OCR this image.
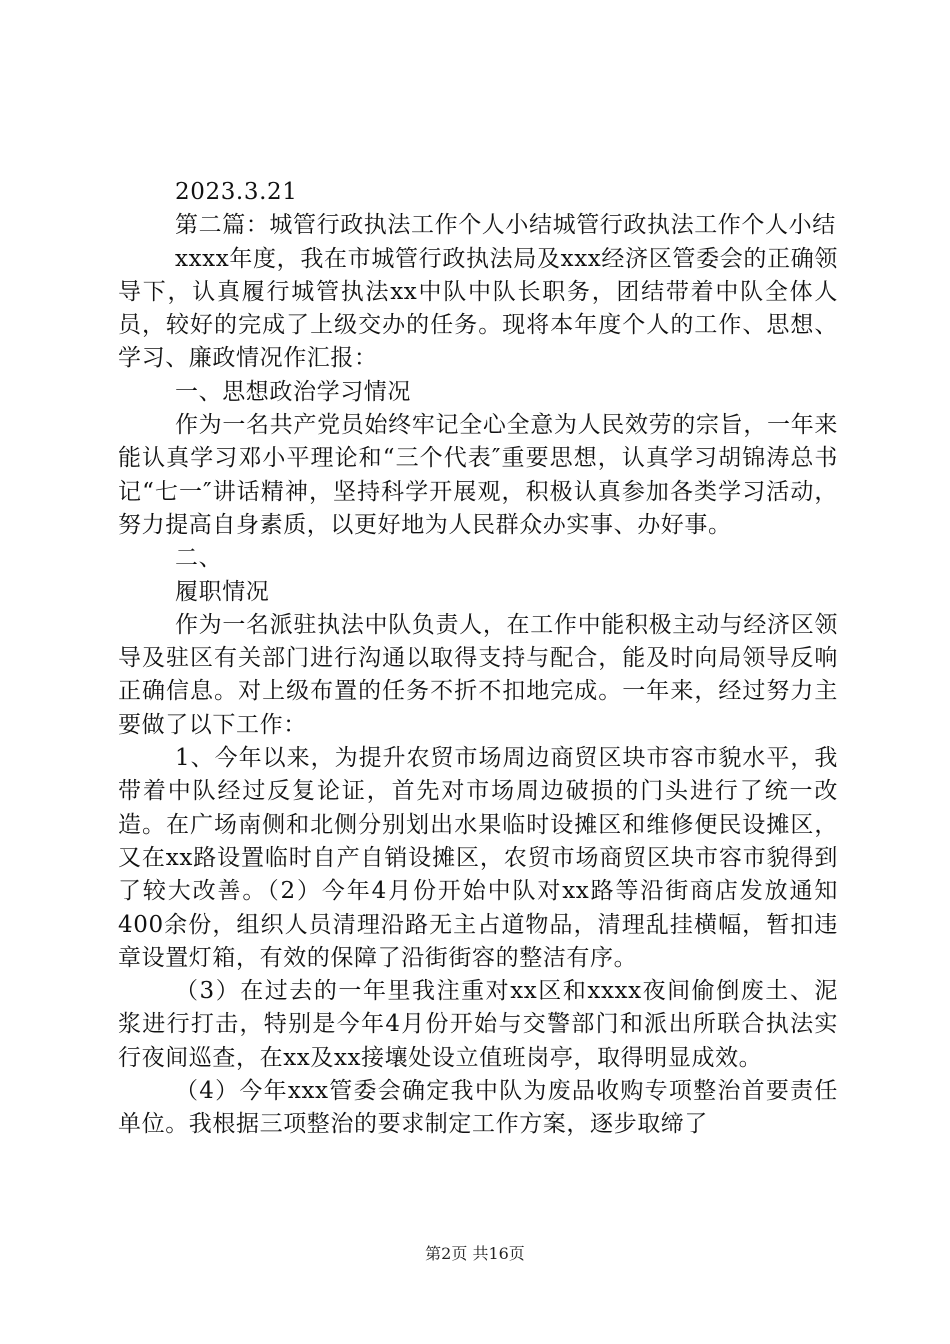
2023.3.21

第二篇：城管行政执法工作个人小结城管行政执法工作个人小结

xxxx年度，我在市城管行政执法局及xxx经济区管委会的正确领导下，认真履行城管执法xx中队中队长职务，团结带着中队全体人员，较好的完成了上级交办的任务。现将本年度个人的工作、思想、学习、廉政情况作汇报：

一、思想政治学习情况

作为一名共产党员始终牢记全心全意为人民效劳的宗旨，一年来能认真学习邓小平理论和“三个代表″重要思想，认真学习胡锦涛总书记“七一″讲话精神，坚持科学开展观，积极认真参加各类学习活动，努力提高自身素质，以更好地为人民群众办实事、办好事。

二、

履职情况

作为一名派驻执法中队负责人，在工作中能积极主动与经济区领导及驻区有关部门进行沟通以取得支持与配合，能及时向局领导反响正确信息。对上级布置的任务不折不扣地完成。一年来，经过努力主要做了以下工作：

1、今年以来，为提升农贸市场周边商贸区块市容市貌水平，我带着中队经过反复论证，首先对市场周边破损的门头进行了统一改造。在广场南侧和北侧分别划出水果临时设摊区和维修便民设摊区，又在xx路设置临时自产自销设摊区，农贸市场商贸区块市容市貌得到了较大改善。（2）今年4月份开始中队对xx路等沿街商店发放通知400余份，组织人员清理沿路无主占道物品，清理乱挂横幅，暂扣违章设置灯箱，有效的保障了沿街街容的整洁有序。

（3）在过去的一年里我注重对xx区和xxxx夜间偷倒废土、泥浆进行打击，特别是今年4月份开始与交警部门和派出所联合执法实行夜间巡查，在xx及xx接壤处设立值班岗亭，取得明显成效。

（4）今年xxx管委会确定我中队为废品收购专项整治首要责任单位。我根据三项整治的要求制定工作方案，逐步取缔了

第2页 共16页
